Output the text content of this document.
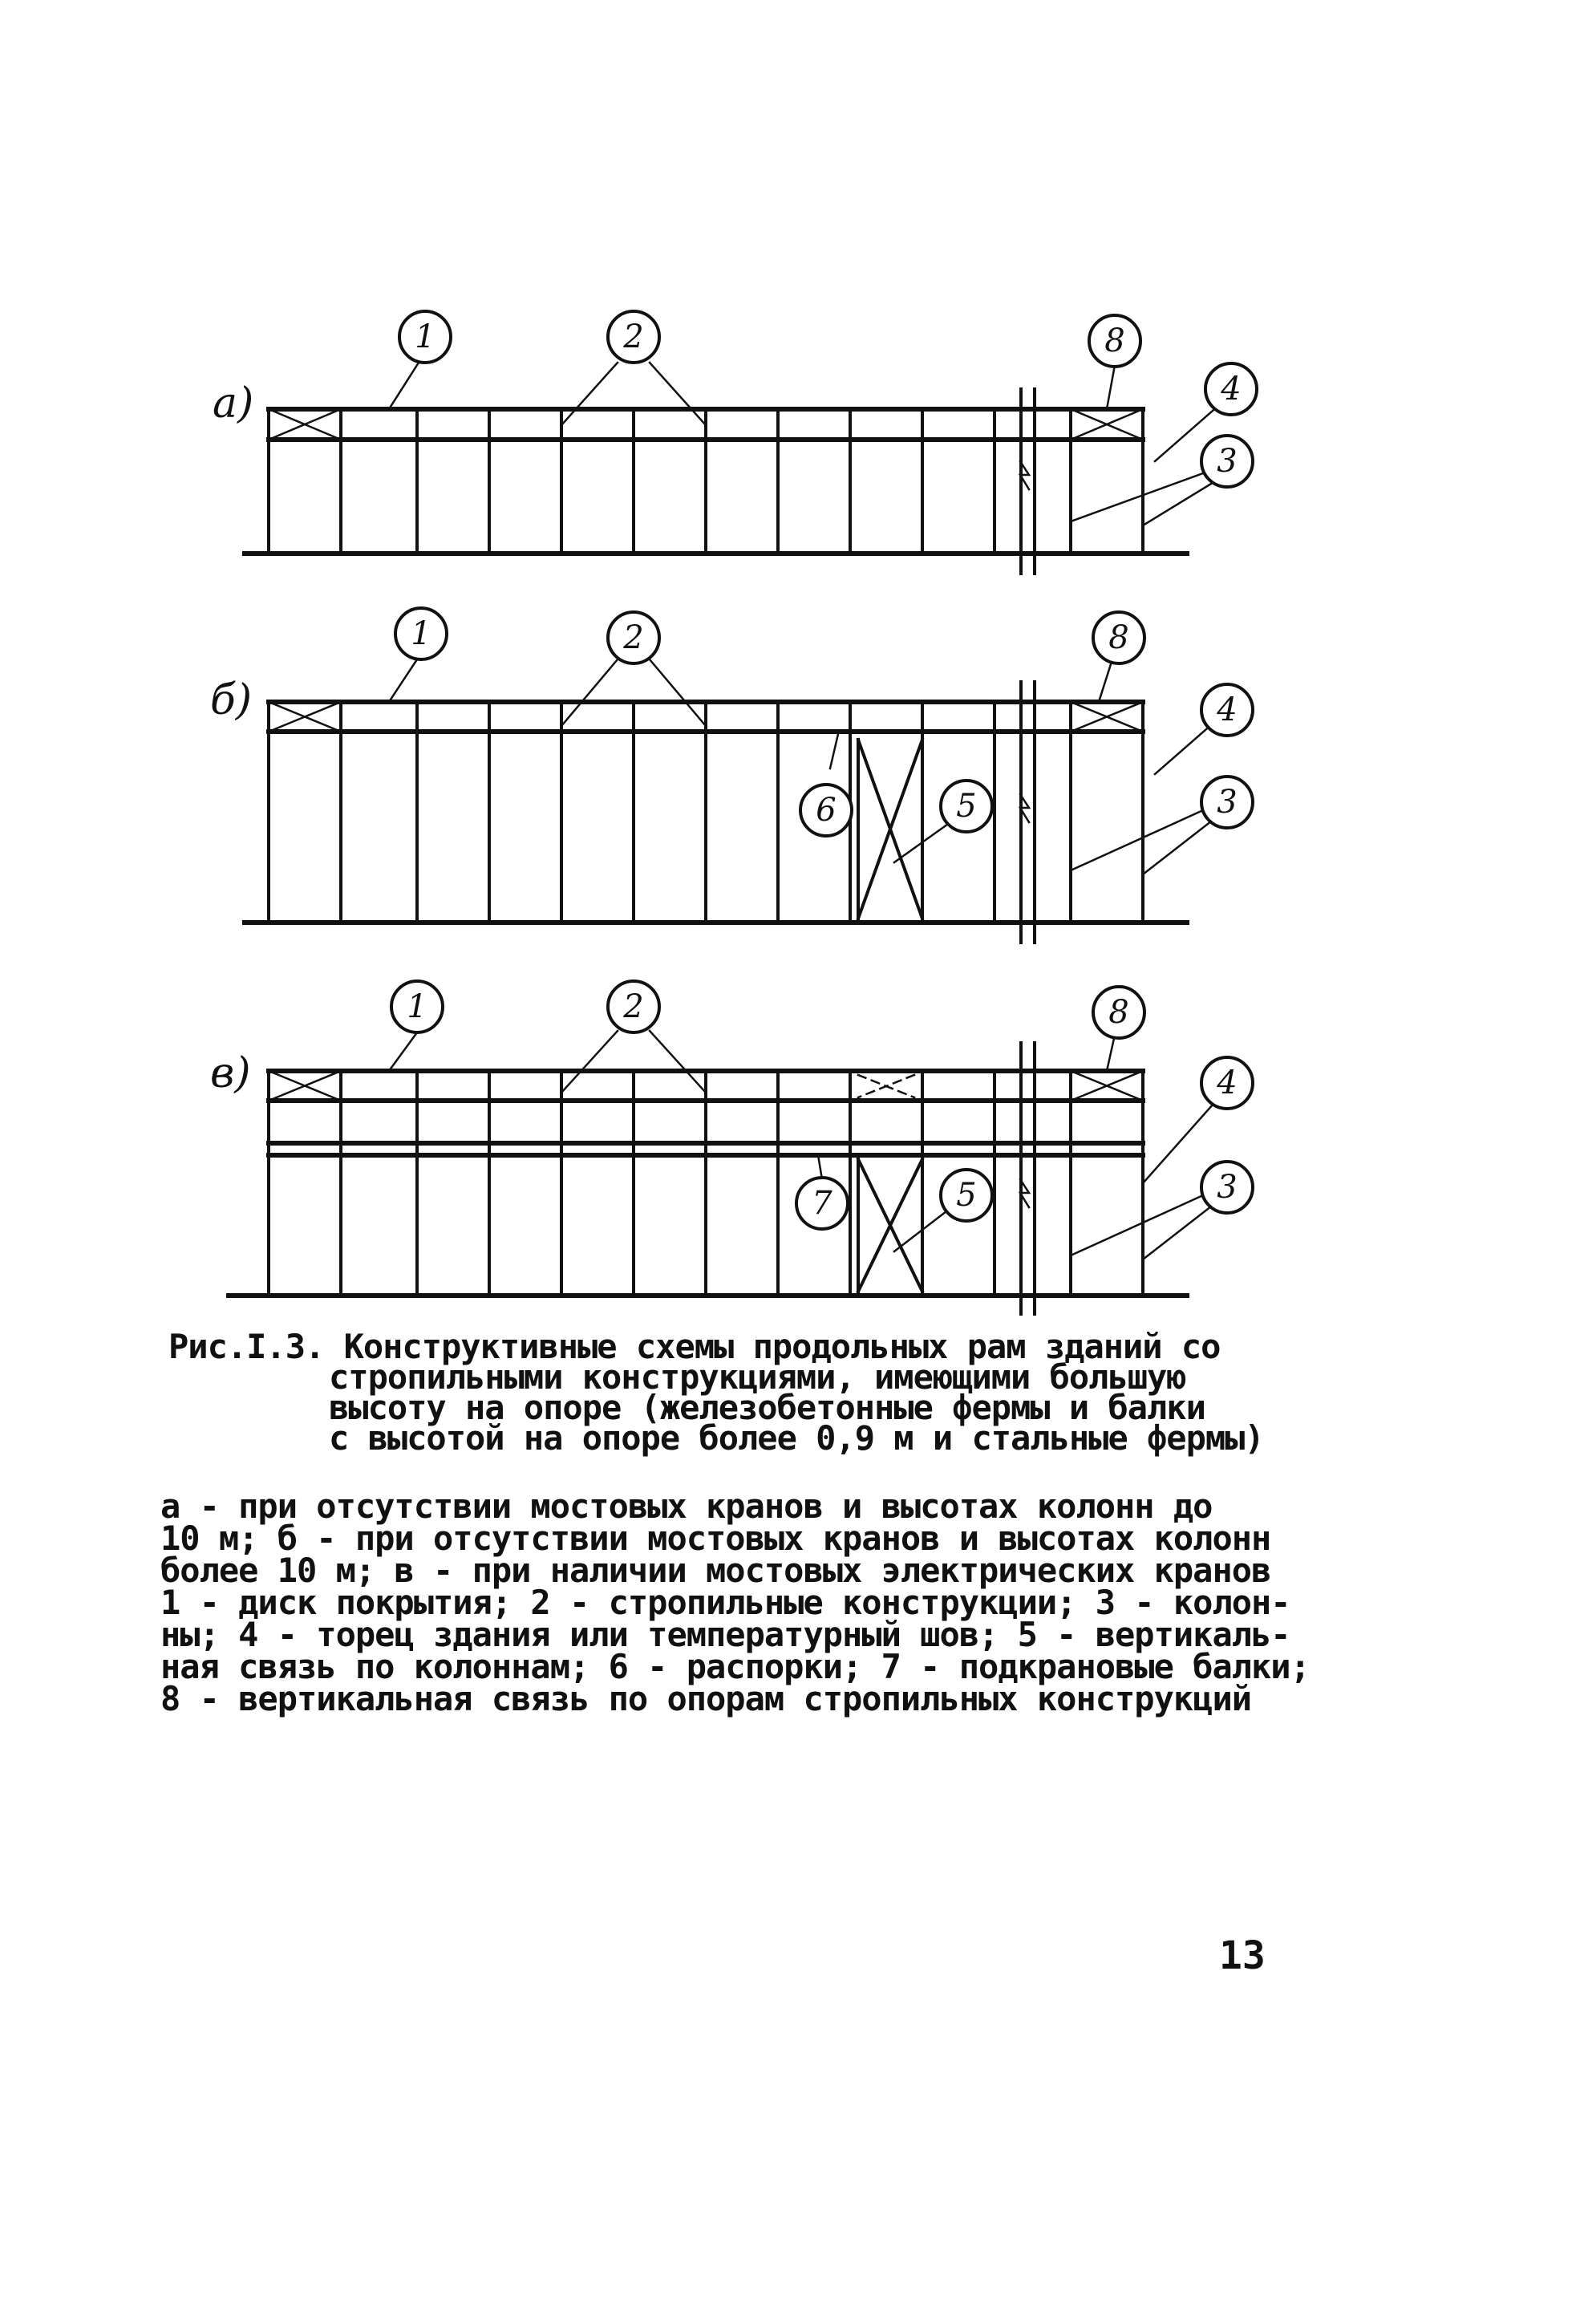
а)
1	2	8
4
3
б)
1	2	8
4
6	5	3
в)
1	2	8
4
7	5	3
Рис.I.3. Конструктивные схемы продольных рам зданий со
стропильными конструкциями, имеющими большую
высоту на опоре (железобетонные фермы и балки
с высотой на опоре более 0,9 м и стальные фермы)
а - при отсутствии мостовых кранов и высотах колонн до
10 м; б - при отсутствии мостовых кранов и высотах колонн
более 10 м; в - при наличии мостовых электрических кранов
1 - диск покрытия; 2 - стропильные конструкции; 3 - колон-
ны; 4 - торец здания или температурный шов; 5 - вертикаль-
ная связь по колоннам; 6 - распорки; 7 - подкрановые балки;
8 - вертикальная связь по опорам стропильных конструкций
13
